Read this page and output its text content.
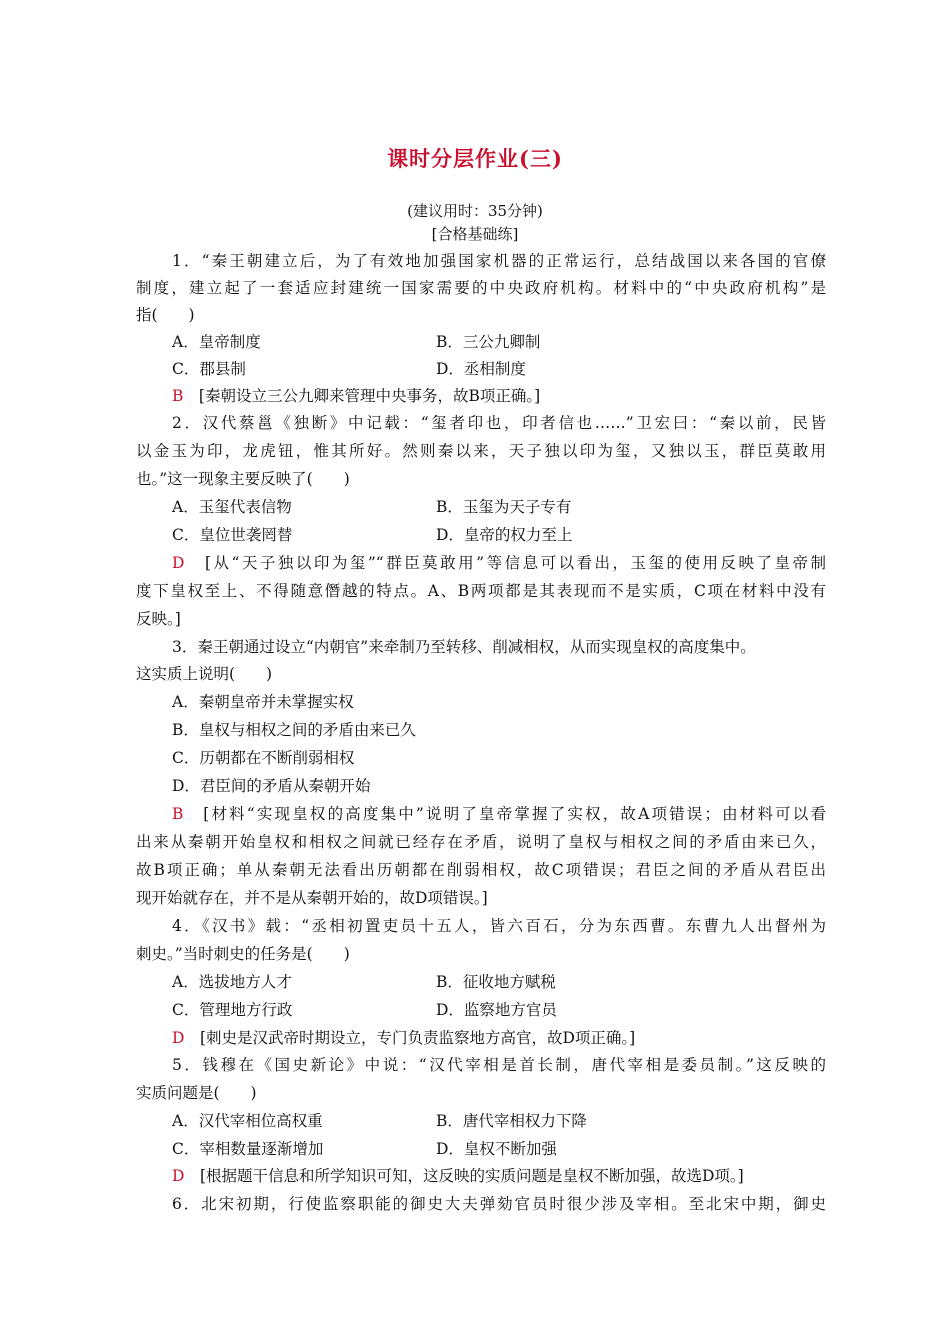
课时分层作业(三)
(建议用时：35分钟)
[合格基础练]
1．“秦王朝建立后，为了有效地加强国家机器的正常运行，总结战国以来各国的官僚
制度，建立起了一套适应封建统一国家需要的中央政府机构。材料中的“中央政府机构”是
指(　　)
A．皇帝制度	B．三公九卿制
C．郡县制	D．丞相制度
B　 [秦朝设立三公九卿来管理中央事务，故B项正确。]
2．汉代蔡邕《独断》中记载：“玺者印也，印者信也……”卫宏曰：“秦以前，民皆
以金玉为印，龙虎钮，惟其所好。然则秦以来，天子独以印为玺，又独以玉，群臣莫敢用
也。”这一现象主要反映了(　　)
A．玉玺代表信物	B．玉玺为天子专有
C．皇位世袭罔替	D．皇帝的权力至上
D　 [从“天子独以印为玺”“群臣莫敢用”等信息可以看出，玉玺的使用反映了皇帝制
度下皇权至上、不得随意僭越的特点。A、B两项都是其表现而不是实质，C项在材料中没有
反映。]
3．秦王朝通过设立“内朝官”来牵制乃至转移、削减相权，从而实现皇权的高度集中。
这实质上说明(　　)
A．秦朝皇帝并未掌握实权
B．皇权与相权之间的矛盾由来已久
C．历朝都在不断削弱相权
D．君臣间的矛盾从秦朝开始
B　 [材料“实现皇权的高度集中”说明了皇帝掌握了实权，故A项错误；由材料可以看
出来从秦朝开始皇权和相权之间就已经存在矛盾，说明了皇权与相权之间的矛盾由来已久，
故B项正确；单从秦朝无法看出历朝都在削弱相权，故C项错误；君臣之间的矛盾从君臣出
现开始就存在，并不是从秦朝开始的，故D项错误。]
4．《汉书》载：“丞相初置吏员十五人，皆六百石，分为东西曹。东曹九人出督州为
刺史。”当时刺史的任务是(　　)
A．选拔地方人才	B．征收地方赋税
C．管理地方行政	D．监察地方官员
D　 [刺史是汉武帝时期设立，专门负责监察地方高官，故D项正确。]
5．钱穆在《国史新论》中说：“汉代宰相是首长制，唐代宰相是委员制。”这反映的
实质问题是(　　)
A．汉代宰相位高权重	B．唐代宰相权力下降
C．宰相数量逐渐增加	D．皇权不断加强
D　 [根据题干信息和所学知识可知，这反映的实质问题是皇权不断加强，故选D项。]
6．北宋初期，行使监察职能的御史大夫弹劾官员时很少涉及宰相。至北宋中期，御史
